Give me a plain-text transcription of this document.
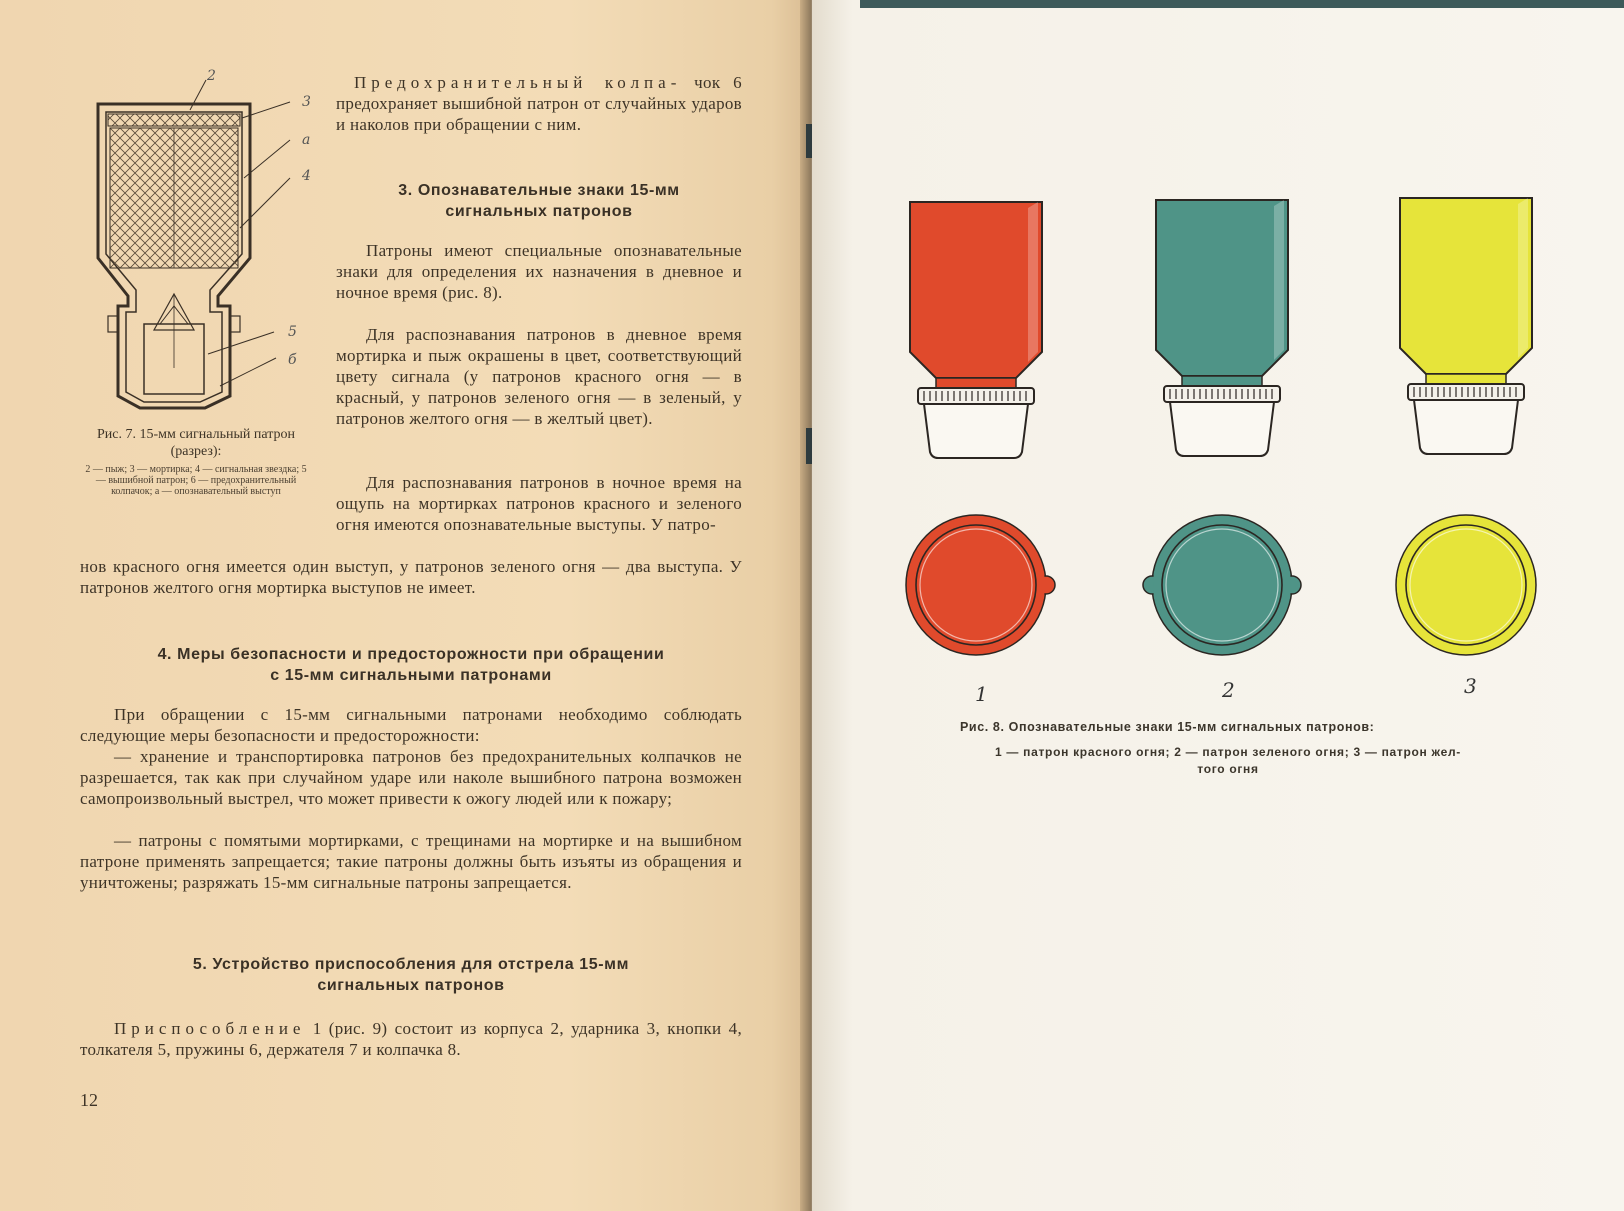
2
3
а
4
5
б
Рис. 7. 15-мм сигнальный патрон (разрез):
2 — пыж; 3 — мортирка; 4 — сигнальная звездка; 5 — вышибной патрон; 6 — предохранительный колпачок; а — опознавательный выступ
Предохранительный колпа- чок 6 предохраняет вышибной патрон от случайных ударов и наколов при обращении с ним.
3. Опознавательные знаки 15-мм
сигнальных патронов
Патроны имеют специальные опознавательные знаки для определения их назначения в дневное и ночное время (рис. 8).
Для распознавания патронов в дневное время мортирка и пыж окрашены в цвет, соответствующий цвету сигнала (у патронов красного огня — в красный, у патронов зеленого огня — в зеленый, у патронов желтого огня — в желтый цвет).
Для распознавания патронов в ночное время на ощупь на мортирках патронов красного и зеленого огня имеются опознавательные выступы. У патро-
нов красного огня имеется один выступ, у патронов зеленого огня — два выступа. У патронов желтого огня мортирка выступов не имеет.
4. Меры безопасности и предосторожности при обращении
с 15-мм сигнальными патронами
При обращении с 15-мм сигнальными патронами необходимо соблюдать следующие меры безопасности и предосторожности:
— хранение и транспортировка патронов без предохранительных колпачков не разрешается, так как при случайном ударе или наколе вышибного патрона возможен самопроизвольный выстрел, что может привести к ожогу людей или к пожару;
— патроны с помятыми мортирками, с трещинами на мортирке и на вышибном патроне применять запрещается; такие патроны должны быть изъяты из обращения и уничтожены; разряжать 15-мм сигнальные патроны запрещается.
5. Устройство приспособления для отстрела 15-мм
сигнальных патронов
Приспособление 1 (рис. 9) состоит из корпуса 2, ударника 3, кнопки 4, толкателя 5, пружины 6, держателя 7 и колпачка 8.
12
1	2	3
Рис. 8. Опознавательные знаки 15-мм сигнальных патронов:
1 — патрон красного огня; 2 — патрон зеленого огня; 3 — патрон жел-
того огня
